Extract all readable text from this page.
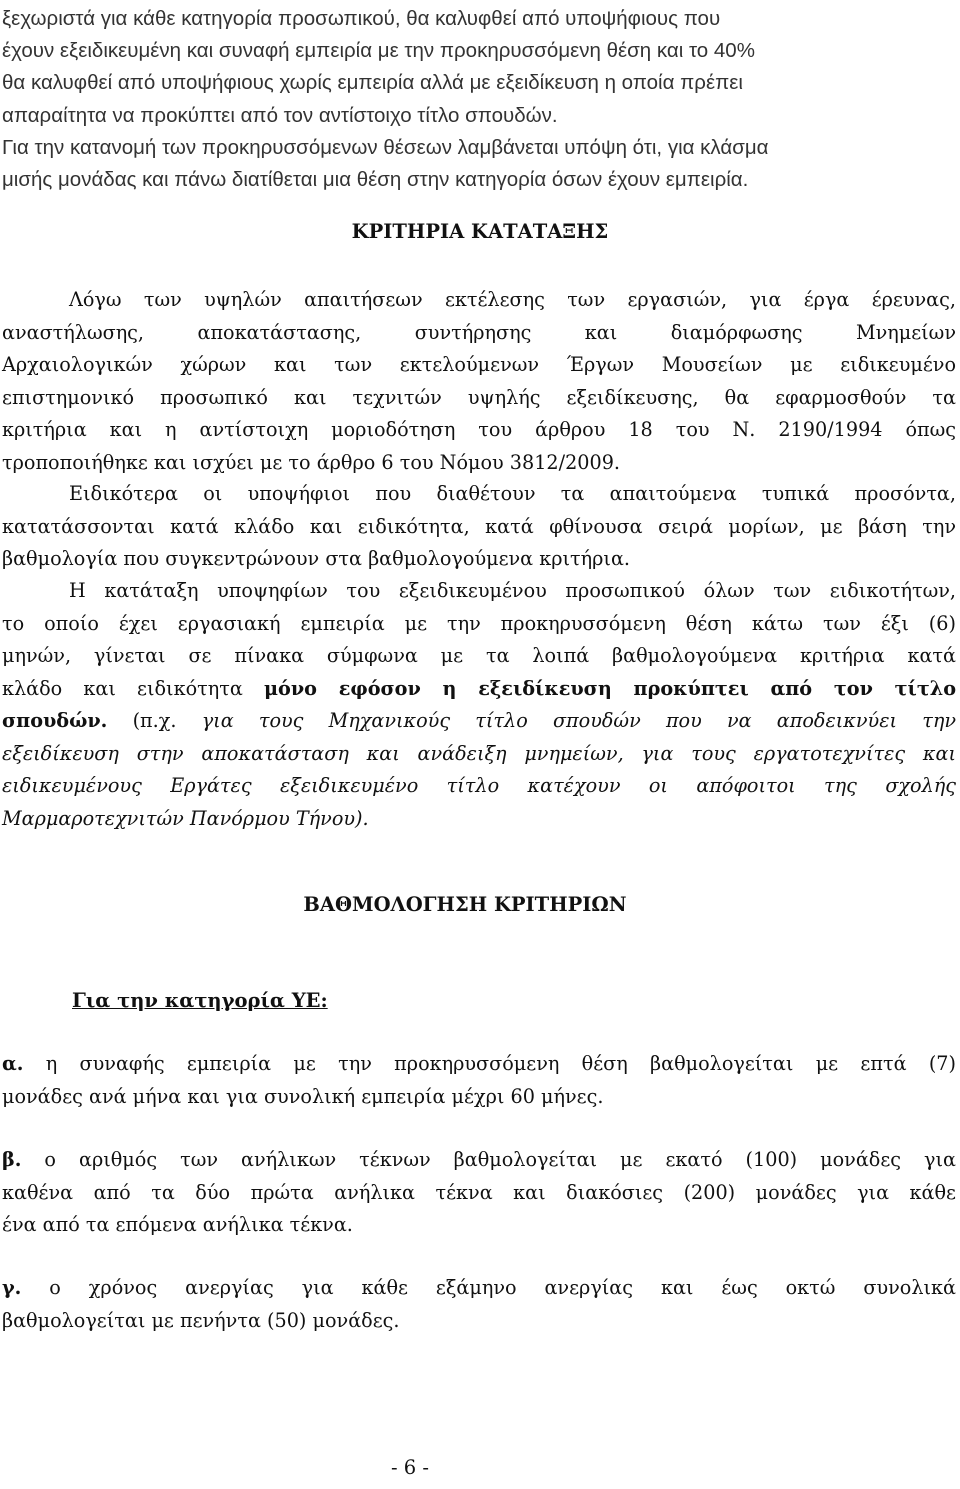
ξεχωριστά για κάθε κατηγορία προσωπικού, θα καλυφθεί από υποψήφιους που
έχουν εξειδικευμένη και συναφή εμπειρία με την προκηρυσσόμενη θέση και το 40%
θα καλυφθεί από υποψήφιους χωρίς εμπειρία αλλά με εξειδίκευση η οποία πρέπει
απαραίτητα να προκύπτει από τον αντίστοιχο τίτλο σπουδών.
Για την κατανομή των προκηρυσσόμενων θέσεων λαμβάνεται υπόψη ότι, για κλάσμα
μισής μονάδας και πάνω διατίθεται μια θέση στην κατηγορία όσων έχουν εμπειρία.

ΚΡΙΤΗΡΙΑ ΚΑΤΑΤΑΞΗΣ

Λόγω των υψηλών απαιτήσεων εκτέλεσης των εργασιών, για έργα έρευνας,
αναστήλωσης, αποκατάστασης, συντήρησης και διαμόρφωσης Μνημείων
Αρχαιολογικών χώρων και των εκτελούμενων Έργων Μουσείων με ειδικευμένο
επιστημονικό προσωπικό και τεχνιτών υψηλής εξειδίκευσης, θα εφαρμοσθούν τα
κριτήρια και η αντίστοιχη μοριοδότηση του άρθρου 18 του Ν. 2190/1994 όπως
τροποποιήθηκε και ισχύει με το άρθρο 6 του Νόμου 3812/2009.
Ειδικότερα οι υποψήφιοι που διαθέτουν τα απαιτούμενα τυπικά προσόντα,
κατατάσσονται κατά κλάδο και ειδικότητα, κατά φθίνουσα σειρά μορίων, με βάση την
βαθμολογία που συγκεντρώνουν στα βαθμολογούμενα κριτήρια.
Η κατάταξη υποψηφίων του εξειδικευμένου προσωπικού όλων των ειδικοτήτων,
το οποίο έχει εργασιακή εμπειρία με την προκηρυσσόμενη θέση κάτω των έξι (6)
μηνών, γίνεται σε πίνακα σύμφωνα με τα λοιπά βαθμολογούμενα κριτήρια κατά
κλάδο και ειδικότητα μόνο εφόσον η εξειδίκευση προκύπτει από τον τίτλο
σπουδών. (π.χ. για τους Μηχανικούς τίτλο σπουδών που να αποδεικνύει την
εξειδίκευση στην αποκατάσταση και ανάδειξη μνημείων, για τους εργατοτεχνίτες και
ειδικευμένους Εργάτες εξειδικευμένο τίτλο κατέχουν οι απόφοιτοι της σχολής
Μαρμαροτεχνιτών Πανόρμου Τήνου).

ΒΑΘΜΟΛΟΓΗΣΗ ΚΡΙΤΗΡΙΩΝ

Για την κατηγορία ΥΕ:

α. η συναφής εμπειρία με την προκηρυσσόμενη θέση βαθμολογείται με επτά (7)
μονάδες ανά μήνα και για συνολική εμπειρία μέχρι 60 μήνες.
β. ο αριθμός των ανήλικων τέκνων βαθμολογείται με εκατό (100) μονάδες για
καθένα από τα δύο πρώτα ανήλικα τέκνα και διακόσιες (200) μονάδες για κάθε
ένα από τα επόμενα ανήλικα τέκνα.
γ. ο χρόνος ανεργίας για κάθε εξάμηνο ανεργίας και έως οκτώ συνολικά
βαθμολογείται με πενήντα (50) μονάδες.
- 6 -
